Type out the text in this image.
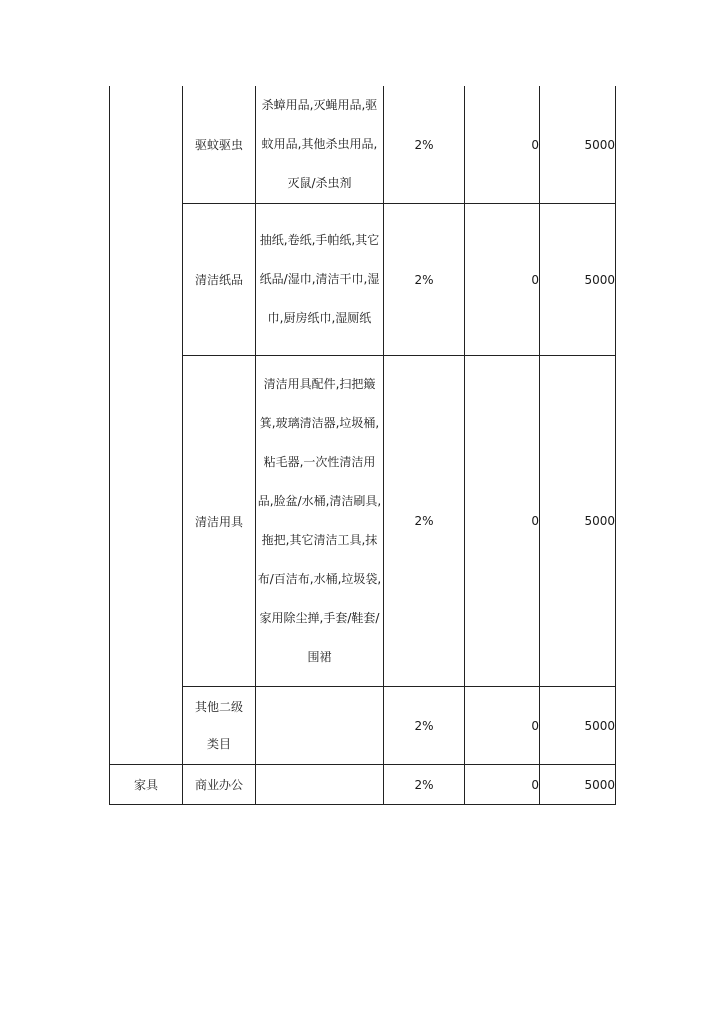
	驱蚊驱虫	杀蟑用品,灭蝇用品,驱蚊用品,其他杀虫用品,灭鼠/杀虫剂	2%	0	5000
	清洁纸品	抽纸,卷纸,手帕纸,其它纸品/湿巾,清洁干巾,湿巾,厨房纸巾,湿厕纸	2%	0	5000
	清洁用具	清洁用具配件,扫把簸箕,玻璃清洁器,垃圾桶,粘毛器,一次性清洁用品,脸盆/水桶,清洁刷具,拖把,其它清洁工具,抹布/百洁布,水桶,垃圾袋,家用除尘掸,手套/鞋套/围裙	2%	0	5000
	其他二级类目		2%	0	5000
家具	商业办公		2%	0	5000
